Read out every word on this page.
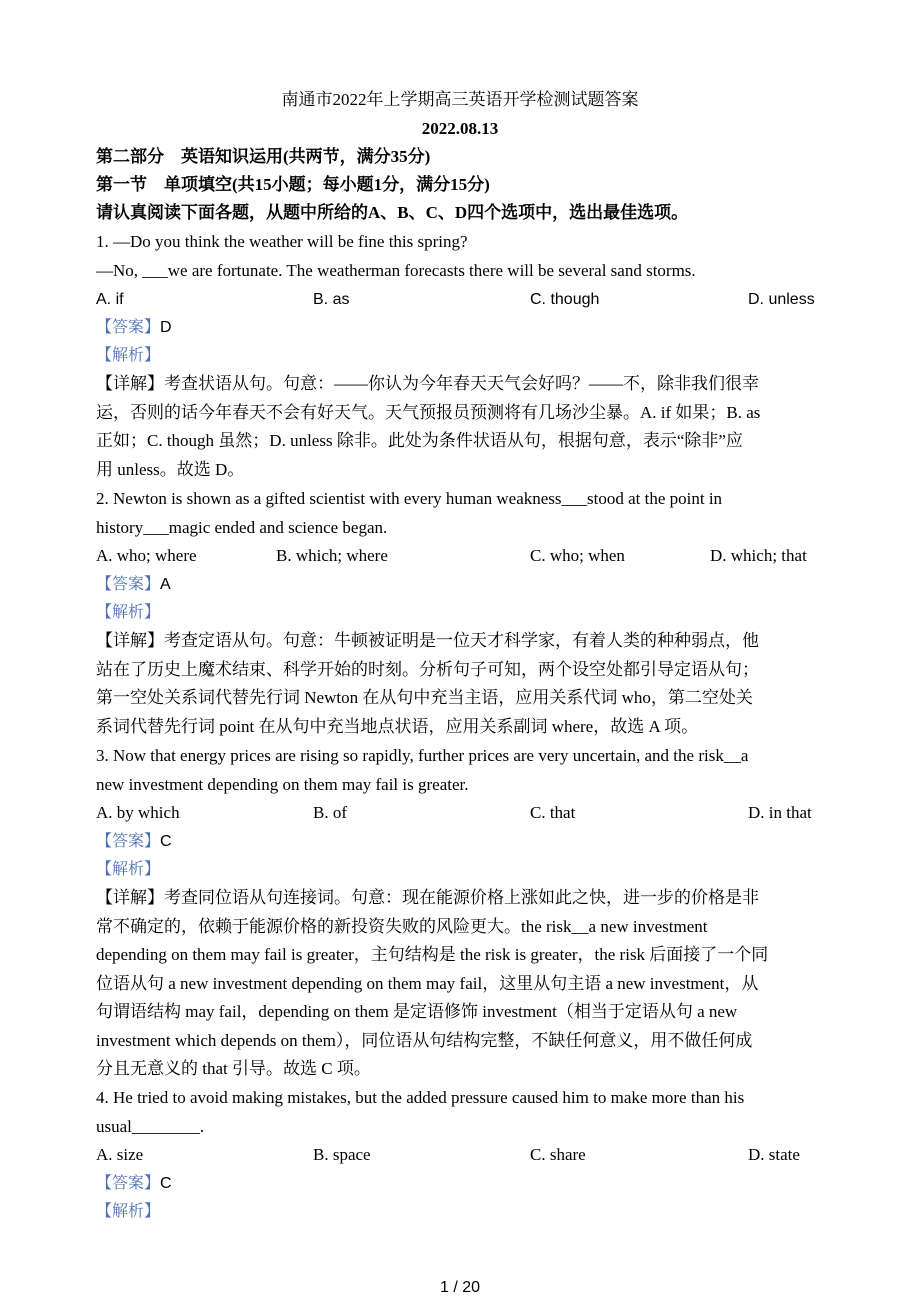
南通市2022年上学期高三英语开学检测试题答案
2022.08.13
第二部分　英语知识运用(共两节，满分35分)
第一节　单项填空(共15小题；每小题1分，满分15分)
请认真阅读下面各题，从题中所给的A、B、C、D四个选项中，选出最佳选项。
1. —Do you think the weather will be fine this spring?
—No, ___we are fortunate. The weatherman forecasts there will be several sand storms.
A. if	B. as	C. though	D. unless
【答案】D
【解析】
【详解】考查状语从句。句意：——你认为今年春天天气会好吗？——不，除非我们很幸
运，否则的话今年春天不会有好天气。天气预报员预测将有几场沙尘暴。A. if 如果；B. as
正如；C. though 虽然；D. unless 除非。此处为条件状语从句，根据句意，表示“除非”应
用 unless。故选 D。
2. Newton is shown as a gifted scientist with every human weakness___stood at the point in
history___magic ended and science began.
A. who; where	B. which; where	C. who; when	D. which; that
【答案】A
【解析】
【详解】考查定语从句。句意：牛顿被证明是一位天才科学家，有着人类的种种弱点，他
站在了历史上魔术结束、科学开始的时刻。分析句子可知，两个设空处都引导定语从句；
第一空处关系词代替先行词 Newton 在从句中充当主语，应用关系代词 who，第二空处关
系词代替先行词 point 在从句中充当地点状语，应用关系副词 where，故选 A 项。
3. Now that energy prices are rising so rapidly, further prices are very uncertain, and the risk__a
new investment depending on them may fail is greater.
A. by which	B. of	C. that	D. in that
【答案】C
【解析】
【详解】考查同位语从句连接词。句意：现在能源价格上涨如此之快，进一步的价格是非
常不确定的，依赖于能源价格的新投资失败的风险更大。the risk__a new investment
depending on them may fail is greater，主句结构是 the risk is greater，the risk 后面接了一个同
位语从句 a new investment depending on them may fail，这里从句主语 a new investment，从
句谓语结构 may fail，depending on them 是定语修饰 investment（相当于定语从句 a new
investment which depends on them），同位语从句结构完整，不缺任何意义，用不做任何成
分且无意义的 that 引导。故选 C 项。
4. He tried to avoid making mistakes, but the added pressure caused him to make more than his
usual________.
A. size	B. space	C. share	D. state
【答案】C
【解析】
1 / 20
